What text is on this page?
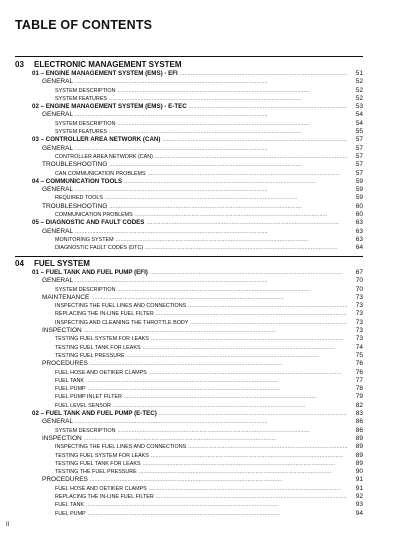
TABLE OF CONTENTS
03	ELECTRONIC MANAGEMENT SYSTEM
01 – ENGINE MANAGEMENT SYSTEM (EMS) - EFI . . .	51
GENERAL . . .	52
SYSTEM DESCRIPTION . . .	52
SYSTEM FEATURES . . .	52
02 – ENGINE MANAGEMENT SYSTEM (EMS) - E-TEC . . .	53
GENERAL . . .	54
SYSTEM DESCRIPTION . . .	54
SYSTEM FEATURES . . .	55
03 – CONTROLLER AREA NETWORK (CAN) . . .	57
GENERAL . . .	57
CONTROLLER AREA NETWORK (CAN) . . .	57
TROUBLESHOOTING . . .	57
CAN COMMUNICATION PROBLEMS . . .	57
04 – COMMUNICATION TOOLS . . .	59
GENERAL . . .	59
REQUIRED TOOLS . . .	59
TROUBLESHOOTING . . .	60
COMMUNICATION PROBLEMS . . .	60
05 – DIAGNOSTIC AND FAULT CODES . . .	63
GENERAL . . .	63
MONITORING SYSTEM . . .	63
DIAGNOSTIC FAULT CODES (DTC) . . .	64
04	FUEL SYSTEM
01 – FUEL TANK AND FUEL PUMP (EFI) . . .	67
GENERAL . . .	70
SYSTEM DESCRIPTION . . .	70
MAINTENANCE . . .	73
INSPECTING THE FUEL LINES AND CONNECTIONS . . .	73
REPLACING THE IN-LINE FUEL FILTER . . .	73
INSPECTING AND CLEANING THE THROTTLE BODY . . .	73
INSPECTION . . .	73
TESTING FUEL SYSTEM FOR LEAKS . . .	73
TESTING FUEL TANK FOR LEAKS . . .	74
TESTING FUEL PRESSURE . . .	75
PROCEDURES . . .	76
FUEL HOSE AND OETIKER CLAMPS . . .	76
FUEL TANK . . .	77
FUEL PUMP . . .	78
FUEL PUMP INLET FILTER . . .	79
FUEL LEVEL SENSOR . . .	82
02 – FUEL TANK AND FUEL PUMP (E-TEC) . . .	83
GENERAL . . .	86
SYSTEM DESCRIPTION . . .	86
INSPECTION . . .	89
INSPECTING THE FUEL LINES AND CONNECTIONS . . .	89
TESTING FUEL SYSTEM FOR LEAKS . . .	89
TESTING FUEL TANK FOR LEAKS . . .	89
TESTING THE FUEL PRESSURE . . .	90
PROCEDURES . . .	91
FUEL HOSE AND OETIKER CLAMPS . . .	91
REPLACING THE IN-LINE FUEL FILTER . . .	92
FUEL TANK . . .	93
FUEL PUMP . . .	94
II
